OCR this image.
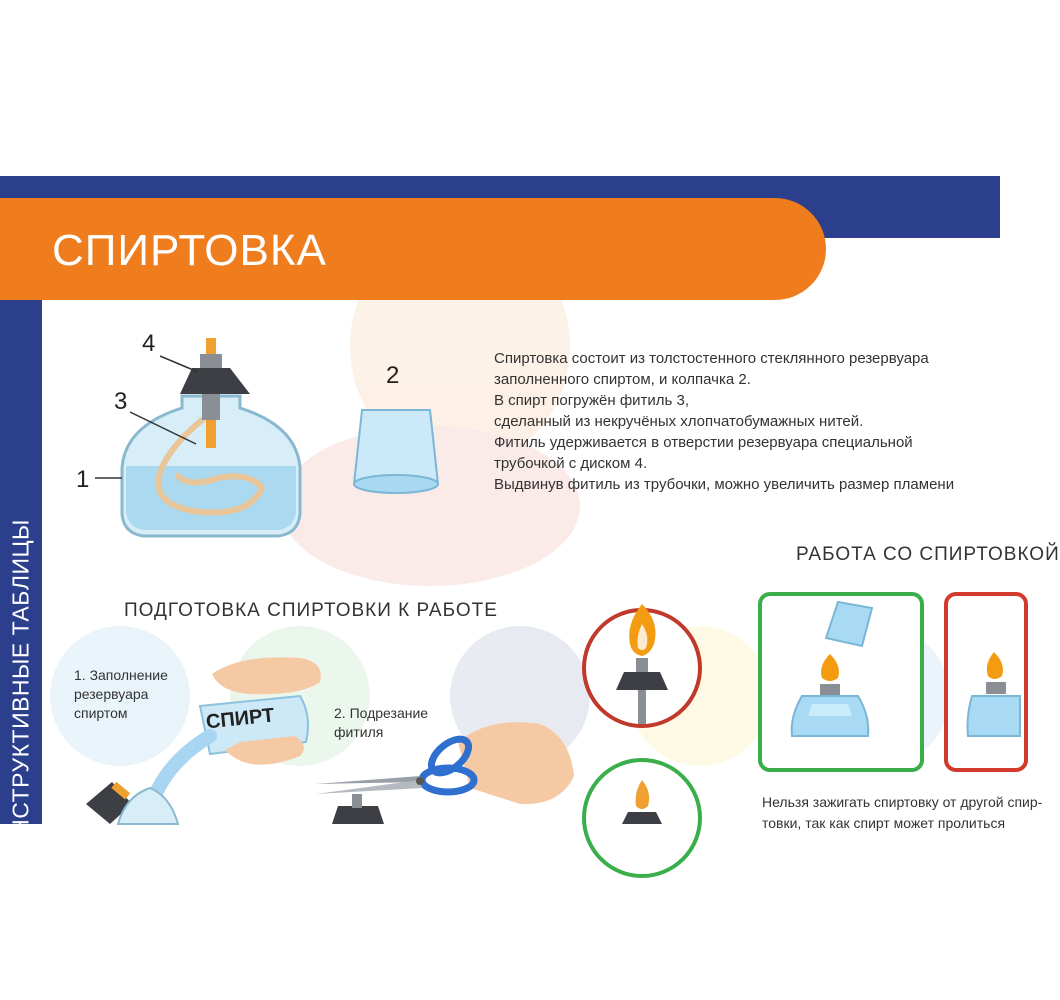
СПИРТОВКА
ИНСТРУКТИВНЫЕ ТАБЛИЦЫ
4
3
1
2
Спиртовка состоит из толстостенного стеклянного резервуара
заполненного спиртом, и колпачка 2.
В спирт погружён фитиль 3,
сделанный из некручёных хлопчатобумажных нитей.
Фитиль удерживается в отверстии резервуара специальной
трубочкой с диском 4.
Выдвинув фитиль из трубочки, можно увеличить размер пламени
РАБОТА СО СПИРТОВКОЙ
ПОДГОТОВКА СПИРТОВКИ К РАБОТЕ
1. Заполнение
резервуара
спиртом	СПИРТ	2. Подрезание
фитиля
Нельзя зажигать спиртовку от другой спир-
товки, так как спирт может пролиться
